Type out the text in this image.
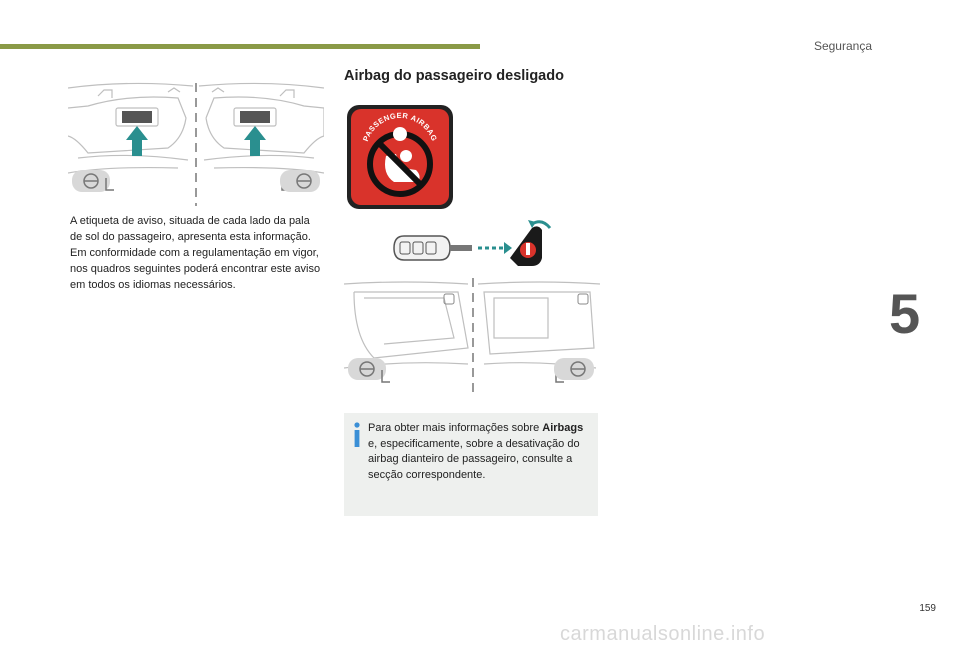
Segurança
5

A etiqueta de aviso, situada de cada lado da pala de sol do passageiro, apresenta esta informação.

Em conformidade com a regulamentação em vigor, nos quadros seguintes poderá encontrar este aviso em todos os idiomas necessários.

Airbag do passageiro desligado
PASSENGER AIRBAG

Para obter mais informações sobre Airbags e, especificamente, sobre a desativação do airbag dianteiro de passageiro, consulte a secção correspondente.

159
carmanualsonline.info
